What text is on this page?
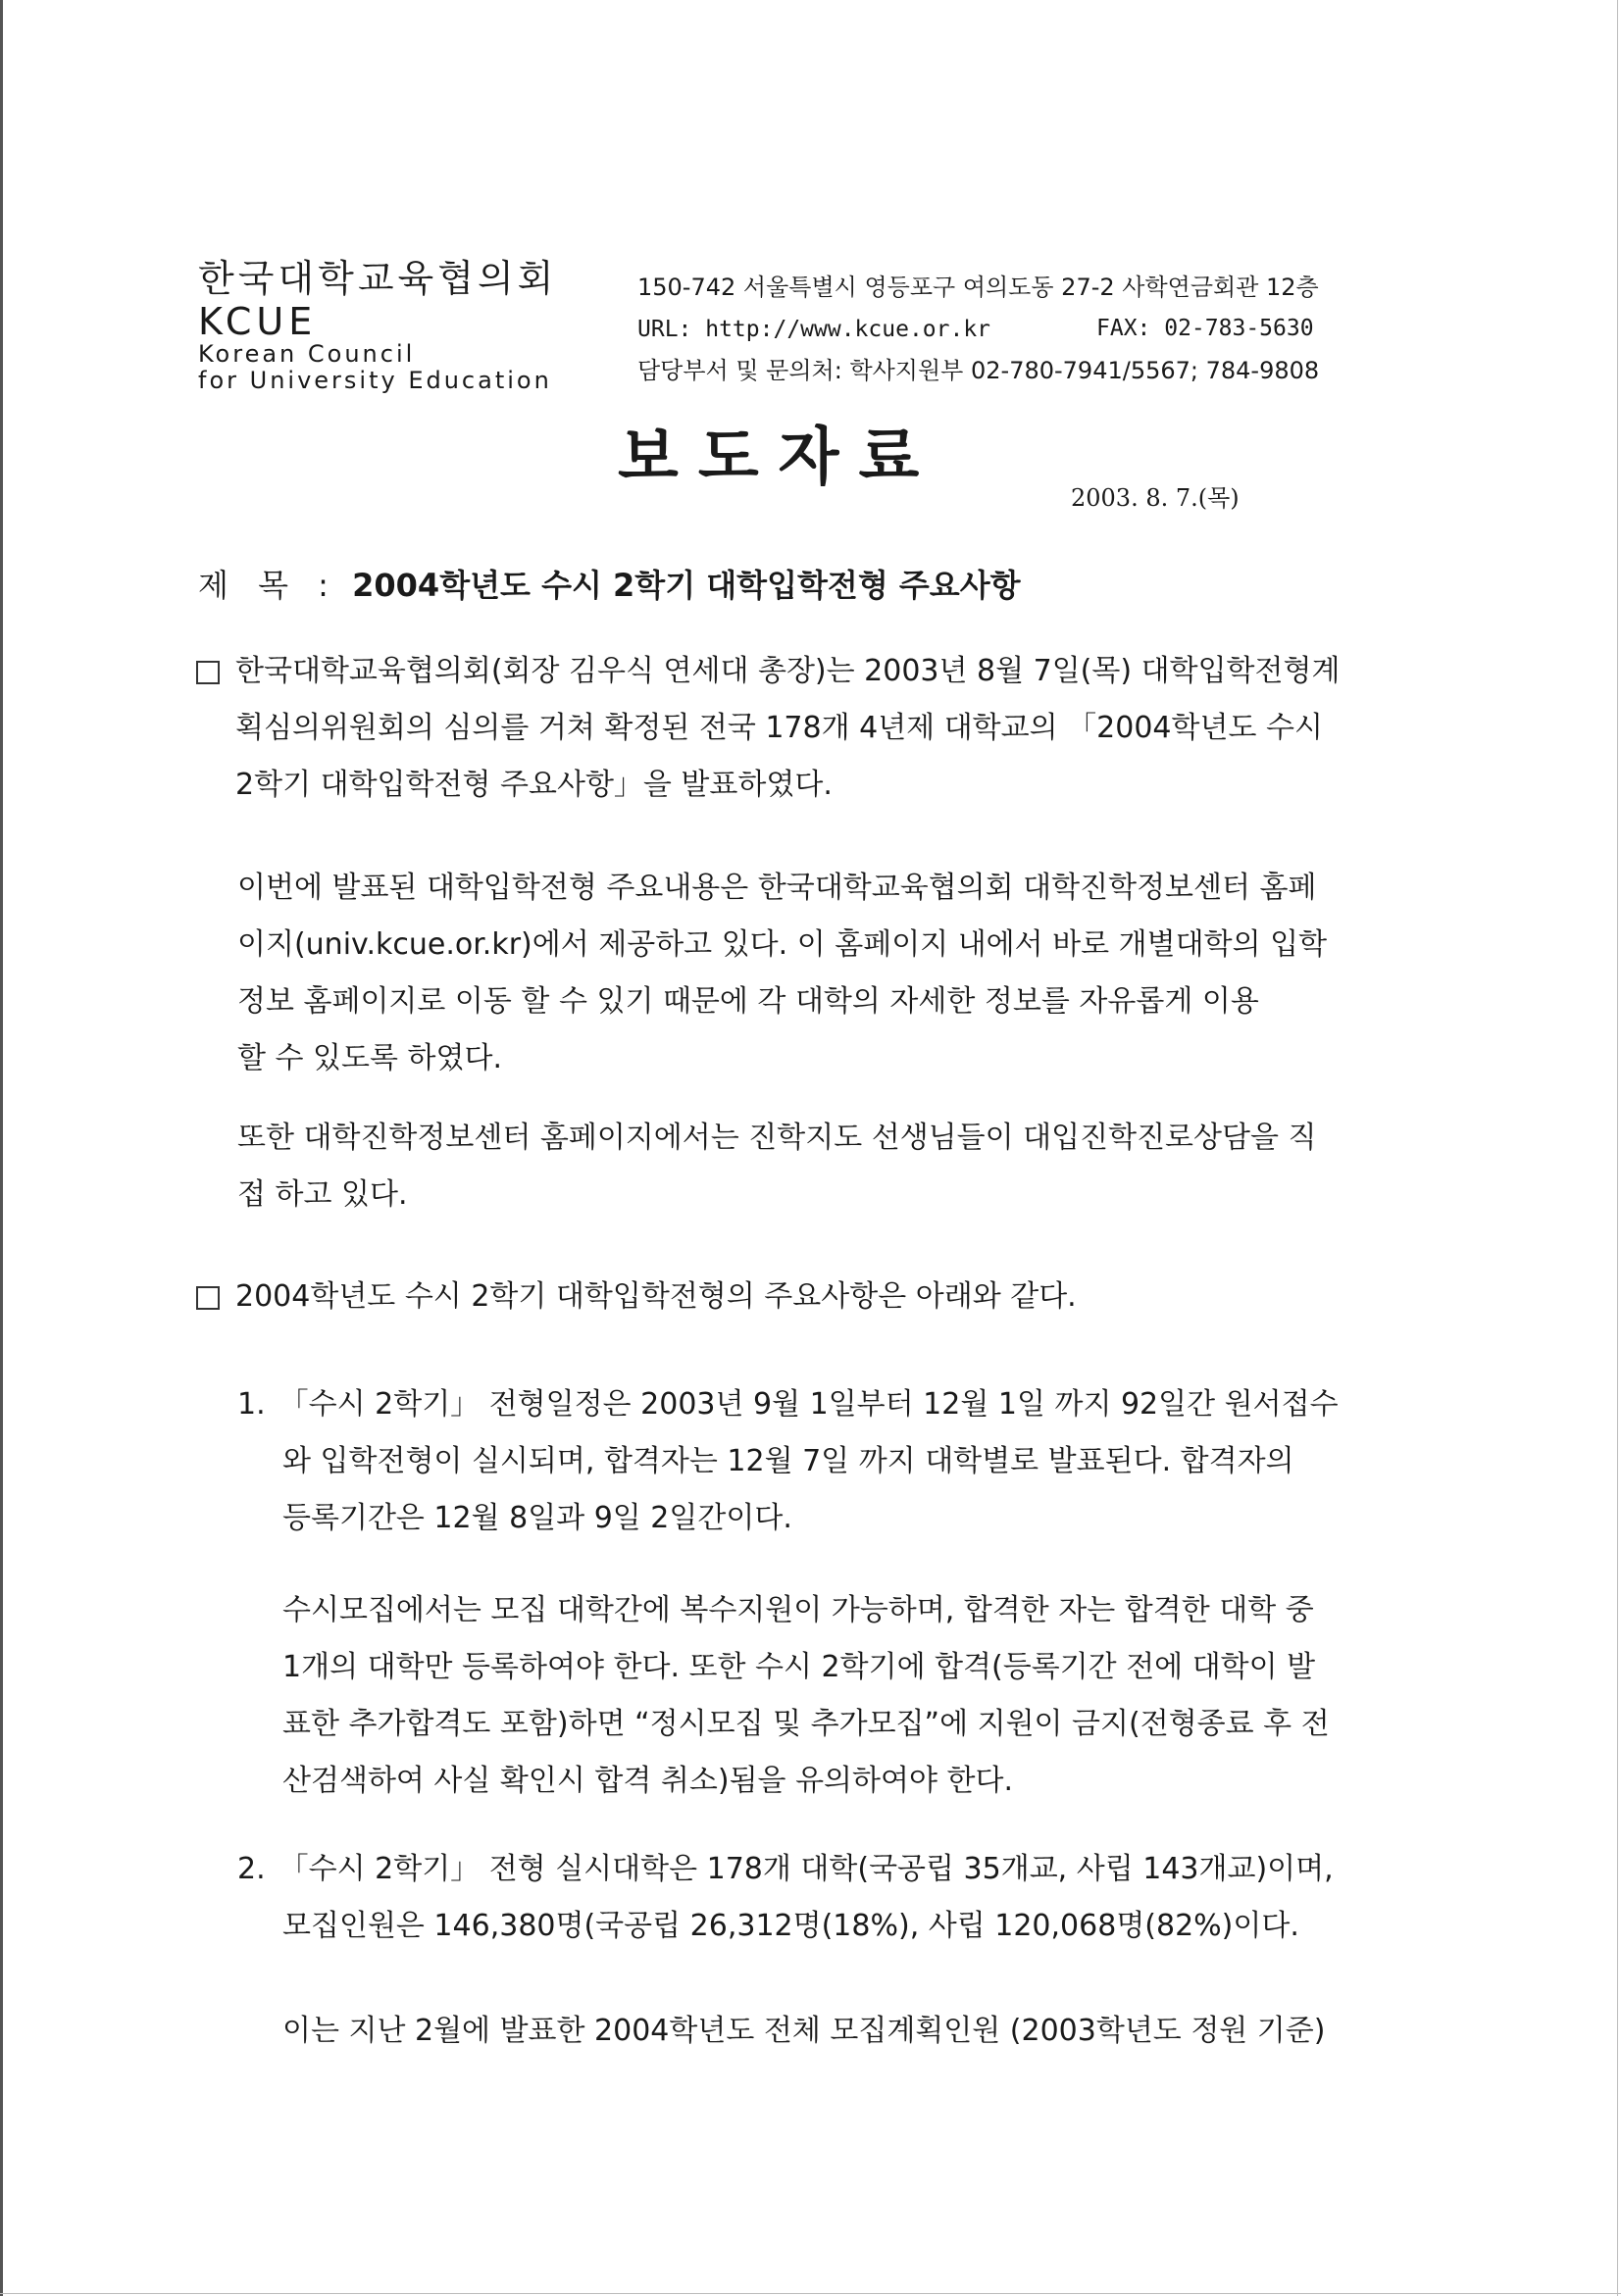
한국대학교육협의회
KCUE
Korean Council
for University Education
150-742 서울특별시 영등포구 여의도동 27-2 사학연금회관 12층
URL: http://www.kcue.or.kr	FAX: 02-783-5630
담당부서 및 문의처: 학사지원부 02-780-7941/5567; 784-9808
보도자료
2003. 8. 7.(목)
제 목 : 2004학년도 수시 2학기 대학입학전형 주요사항
한국대학교육협의회(회장 김우식 연세대 총장)는 2003년 8월 7일(목) 대학입학전형계
획심의위원회의 심의를 거쳐 확정된 전국 178개 4년제 대학교의 「2004학년도 수시
2학기 대학입학전형 주요사항」을 발표하였다.
이번에 발표된 대학입학전형 주요내용은 한국대학교육협의회 대학진학정보센터 홈페
이지(univ.kcue.or.kr)에서 제공하고 있다. 이 홈페이지 내에서 바로 개별대학의 입학
정보 홈페이지로 이동 할 수 있기 때문에 각 대학의 자세한 정보를 자유롭게 이용
할 수 있도록 하였다.
또한 대학진학정보센터 홈페이지에서는 진학지도 선생님들이 대입진학진로상담을 직
접 하고 있다.
2004학년도 수시 2학기 대학입학전형의 주요사항은 아래와 같다.
1. 「수시 2학기」 전형일정은 2003년 9월 1일부터 12월 1일 까지 92일간 원서접수
와 입학전형이 실시되며, 합격자는 12월 7일 까지 대학별로 발표된다. 합격자의
등록기간은 12월 8일과 9일 2일간이다.
수시모집에서는 모집 대학간에 복수지원이 가능하며, 합격한 자는 합격한 대학 중
1개의 대학만 등록하여야 한다. 또한 수시 2학기에 합격(등록기간 전에 대학이 발
표한 추가합격도 포함)하면 “정시모집 및 추가모집”에 지원이 금지(전형종료 후 전
산검색하여 사실 확인시 합격 취소)됨을 유의하여야 한다.
2. 「수시 2학기」 전형 실시대학은 178개 대학(국공립 35개교, 사립 143개교)이며,
모집인원은 146,380명(국공립 26,312명(18%), 사립 120,068명(82%)이다.
이는 지난 2월에 발표한 2004학년도 전체 모집계획인원 (2003학년도 정원 기준)
